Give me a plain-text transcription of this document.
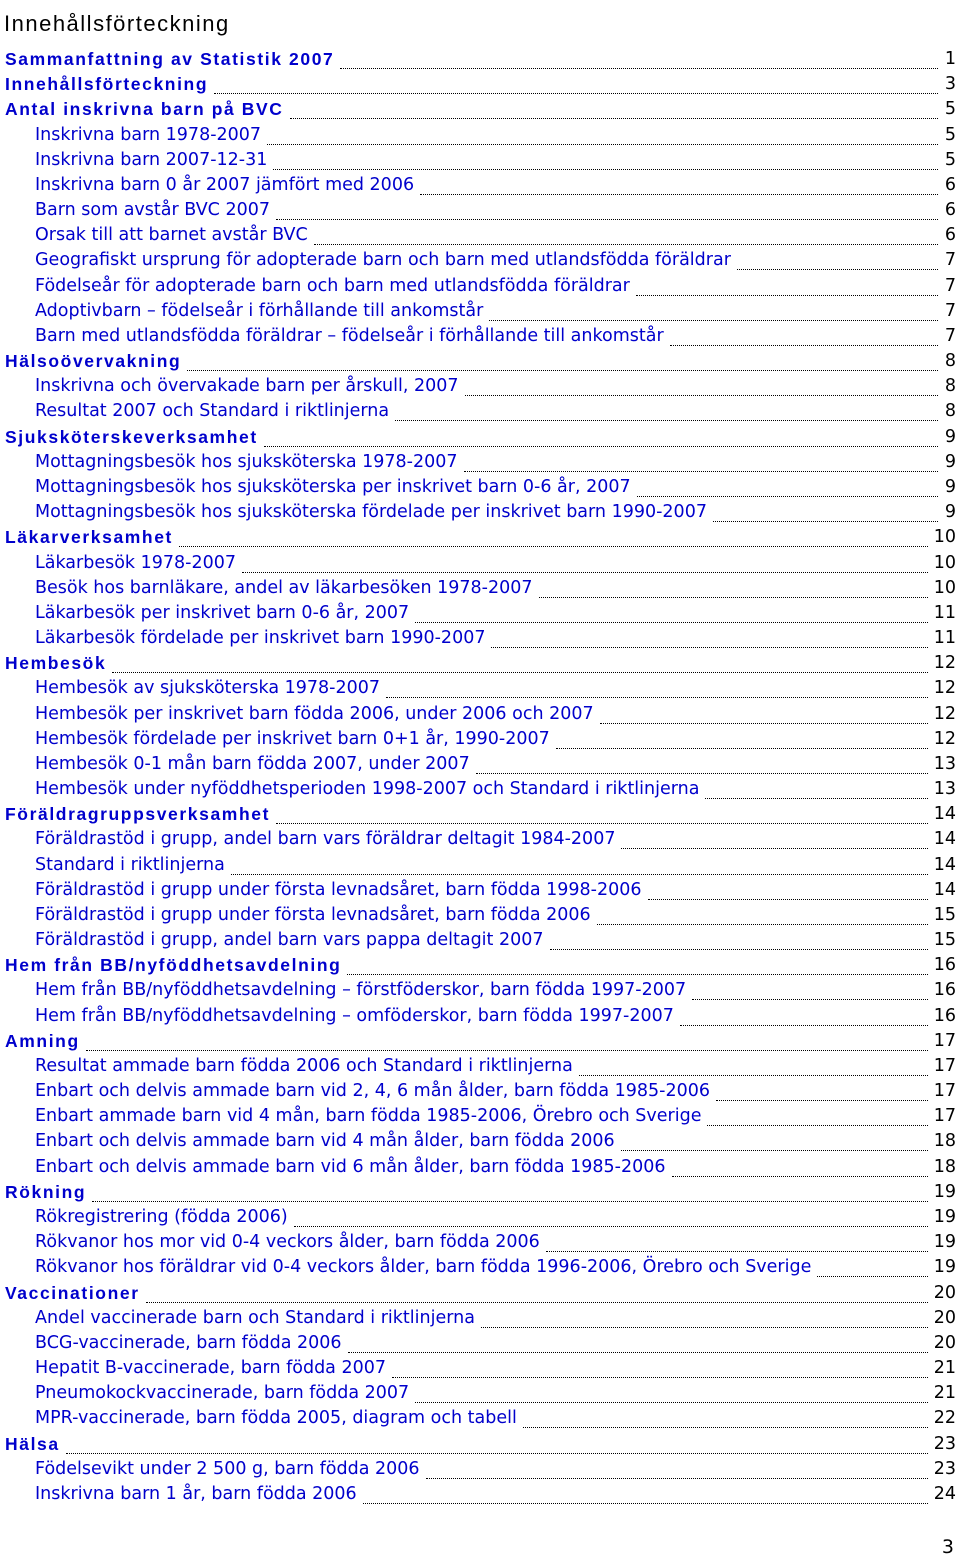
Innehållsförteckning
Sammanfattning av Statistik 2007	1
Innehållsförteckning	3
Antal inskrivna barn på BVC	5
Inskrivna barn 1978-2007	5
Inskrivna barn 2007-12-31	5
Inskrivna barn 0 år 2007 jämfört med 2006	6
Barn som avstår BVC 2007	6
Orsak till att barnet avstår BVC	6
Geografiskt ursprung för adopterade barn och barn med utlandsfödda föräldrar	7
Födelseår för adopterade barn och barn med utlandsfödda föräldrar	7
Adoptivbarn – födelseår i förhållande till ankomstår	7
Barn med utlandsfödda föräldrar – födelseår i förhållande till ankomstår	7
Hälsoövervakning	8
Inskrivna och övervakade barn per årskull, 2007	8
Resultat 2007 och Standard i riktlinjerna	8
Sjuksköterskeverksamhet	9
Mottagningsbesök hos sjuksköterska 1978-2007	9
Mottagningsbesök hos sjuksköterska per inskrivet barn 0-6 år, 2007	9
Mottagningsbesök hos sjuksköterska fördelade per inskrivet barn 1990-2007	9
Läkarverksamhet	10
Läkarbesök 1978-2007	10
Besök hos barnläkare, andel av läkarbesöken 1978-2007	10
Läkarbesök per inskrivet barn 0-6 år, 2007	11
Läkarbesök fördelade per inskrivet barn 1990-2007	11
Hembesök	12
Hembesök av sjuksköterska 1978-2007	12
Hembesök per inskrivet barn födda 2006, under 2006 och 2007	12
Hembesök fördelade per inskrivet barn 0+1 år, 1990-2007	12
Hembesök 0-1 mån barn födda 2007, under 2007	13
Hembesök under nyföddhetsperioden 1998-2007 och Standard i riktlinjerna	13
Föräldragruppsverksamhet	14
Föräldrastöd i grupp, andel barn vars föräldrar deltagit 1984-2007	14
Standard i riktlinjerna	14
Föräldrastöd i grupp under första levnadsåret, barn födda 1998-2006	14
Föräldrastöd i grupp under första levnadsåret, barn födda 2006	15
Föräldrastöd i grupp, andel barn vars pappa deltagit 2007	15
Hem från BB/nyföddhetsavdelning	16
Hem från BB/nyföddhetsavdelning – förstföderskor, barn födda 1997-2007	16
Hem från BB/nyföddhetsavdelning – omföderskor, barn födda 1997-2007	16
Amning	17
Resultat ammade barn födda 2006 och Standard i riktlinjerna	17
Enbart och delvis ammade barn vid 2, 4, 6 mån ålder, barn födda 1985-2006	17
Enbart ammade barn vid 4 mån, barn födda 1985-2006, Örebro och Sverige	17
Enbart och delvis ammade barn vid 4 mån ålder, barn födda 2006	18
Enbart och delvis ammade barn vid 6 mån ålder, barn födda 1985-2006	18
Rökning	19
Rökregistrering (födda 2006)	19
Rökvanor hos mor vid 0-4 veckors ålder, barn födda 2006	19
Rökvanor hos föräldrar vid 0-4 veckors ålder, barn födda 1996-2006, Örebro och Sverige	19
Vaccinationer	20
Andel vaccinerade barn och Standard i riktlinjerna	20
BCG-vaccinerade, barn födda 2006	20
Hepatit B-vaccinerade, barn födda 2007	21
Pneumokockvaccinerade, barn födda 2007	21
MPR-vaccinerade, barn födda 2005, diagram och tabell	22
Hälsa	23
Födelsevikt under 2 500 g, barn födda 2006	23
Inskrivna barn 1 år, barn födda 2006	24
3
